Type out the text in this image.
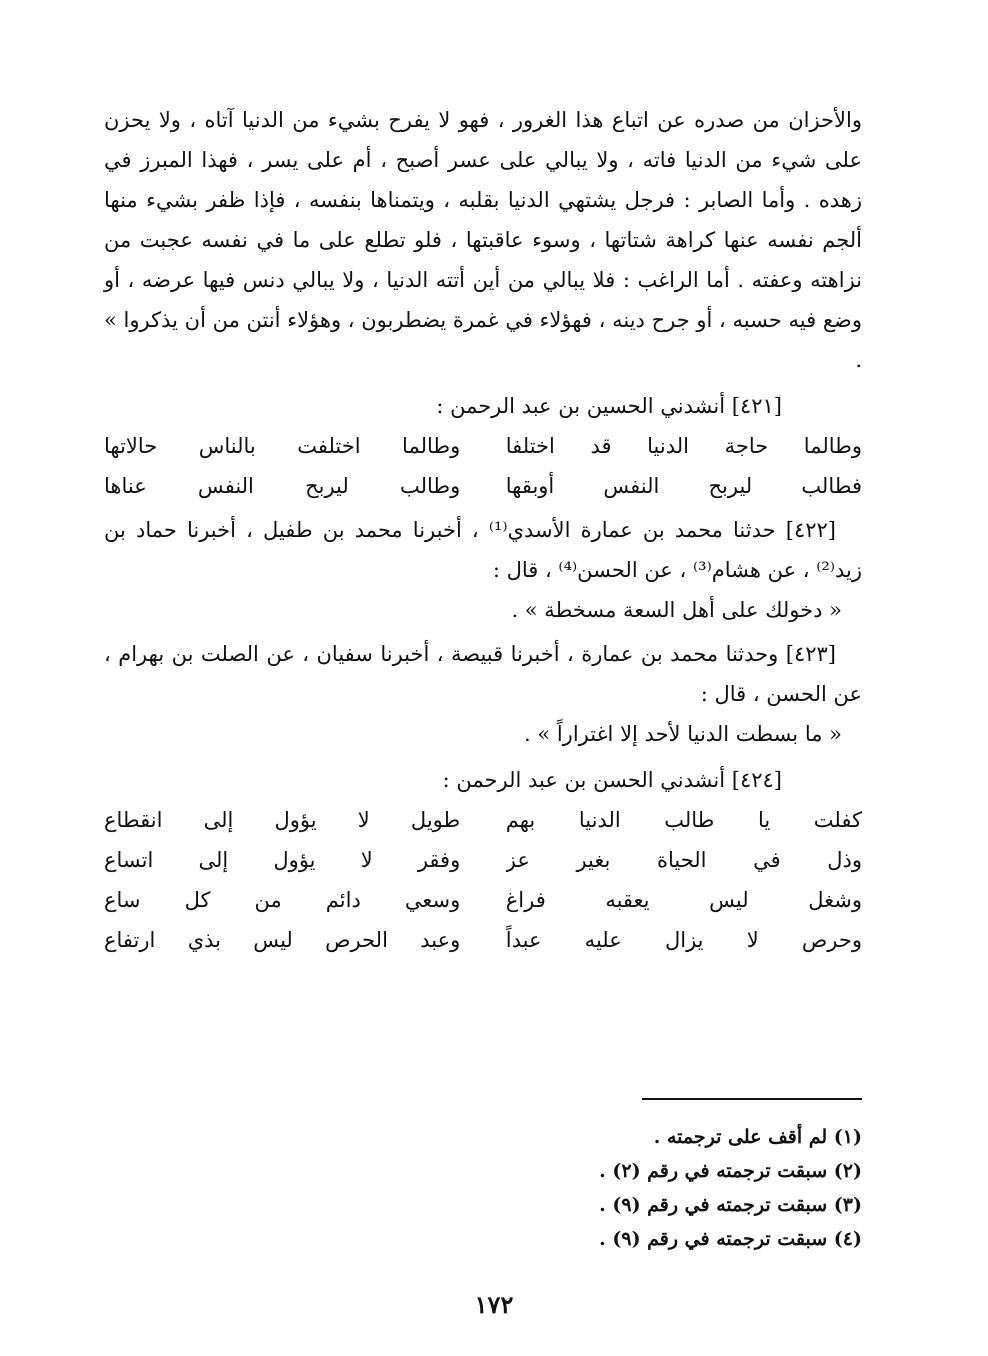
والأحزان من صدره عن اتباع هذا الغرور ، فهو لا يفرح بشيء من الدنيا آتاه ، ولا يحزن على شيء من الدنيا فاته ، ولا يبالي على عسر أصبح ، أم على يسر ، فهذا المبرز في زهده . وأما الصابر : فرجل يشتهي الدنيا بقلبه ، ويتمناها بنفسه ، فإذا ظفر بشيء منها ألجم نفسه عنها كراهة شتاتها ، وسوء عاقبتها ، فلو تطلع على ما في نفسه عجبت من نزاهته وعفته . أما الراغب : فلا يبالي من أين أتته الدنيا ، ولا يبالي دنس فيها عرضه ، أو وضع فيه حسبه ، أو جرح دينه ، فهؤلاء في غمرة يضطربون ، وهؤلاء أنتن من أن يذكروا » .

[٤٢١] أنشدني الحسين بن عبد الرحمن :

وطالما حاجة الدنيا قد اختلفا
وطالما اختلفت بالناس حالاتها
فطالب ليربح النفس أوبقها
وطالب ليربح النفس عناها

[٤٢٢] حدثنا محمد بن عمارة الأسدي⁽¹⁾ ، أخبرنا محمد بن طفيل ، أخبرنا حماد بن زيد⁽²⁾ ، عن هشام⁽³⁾ ، عن الحسن⁽⁴⁾ ، قال :

« دخولك على أهل السعة مسخطة » .

[٤٢٣] وحدثنا محمد بن عمارة ، أخبرنا قبيصة ، أخبرنا سفيان ، عن الصلت بن بهرام ، عن الحسن ، قال :

« ما بسطت الدنيا لأحد إلا اغتراراً » .

[٤٢٤] أنشدني الحسن بن عبد الرحمن :

كفلت يا طالب الدنيا بهم
طويل لا يؤول إلى انقطاع
وذل في الحياة بغير عز
وفقر لا يؤول إلى اتساع
وشغل ليس يعقبه فراغ
وسعي دائم من كل ساع
وحرص لا يزال عليه عبداً
وعبد الحرص ليس بذي ارتفاع

(١) لم أقف على ترجمته .

(٢) سبقت ترجمته في رقم (٢) .

(٣) سبقت ترجمته في رقم (٩) .

(٤) سبقت ترجمته في رقم (٩) .

١٧٢
